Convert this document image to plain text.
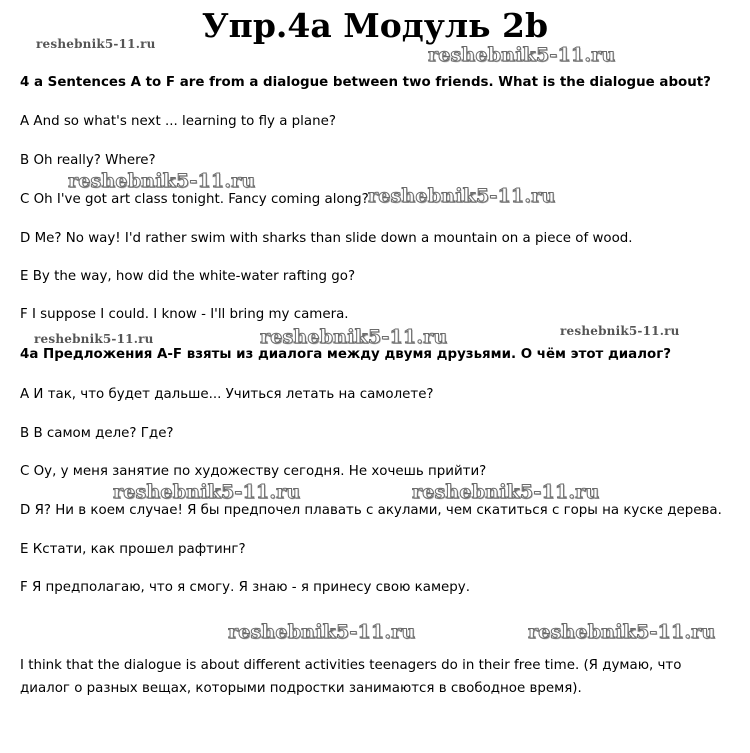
Упр.4а Модуль 2b

4 a Sentences A to F are from a dialogue between two friends. What is the dialogue about?

A And so what's next ... learning to fly a plane?

B Oh really? Where?

C Oh I've got art class tonight. Fancy coming along?

D Me? No way! I'd rather swim with sharks than slide down a mountain on a piece of wood.

E By the way, how did the white-water rafting go?

F I suppose I could. I know - I'll bring my camera.

4а Предложения A-F взяты из диалога между двумя друзьями. О чём этот диалог?

A И так, что будет дальше... Учиться летать на самолете?

B В самом деле? Где?

C Оу, у меня занятие по художеству сегодня. Не хочешь прийти?

D Я? Ни в коем случае! Я бы предпочел плавать с акулами, чем скатиться с горы на куске дерева.

E Кстати, как прошел рафтинг?

F Я предполагаю, что я смогу. Я знаю - я принесу свою камеру.

I think that the dialogue is about different activities teenagers do in their free time. (Я думаю, что диалог о разных вещах, которыми подростки занимаются в свободное время).

reshebnik5-11.ru	reshebnik5-11.ru
reshebnik5-11.ru
reshebnik5-11.ru
reshebnik5-11.ru	reshebnik5-11.ru	reshebnik5-11.ru
reshebnik5-11.ru	reshebnik5-11.ru
reshebnik5-11.ru	reshebnik5-11.ru
